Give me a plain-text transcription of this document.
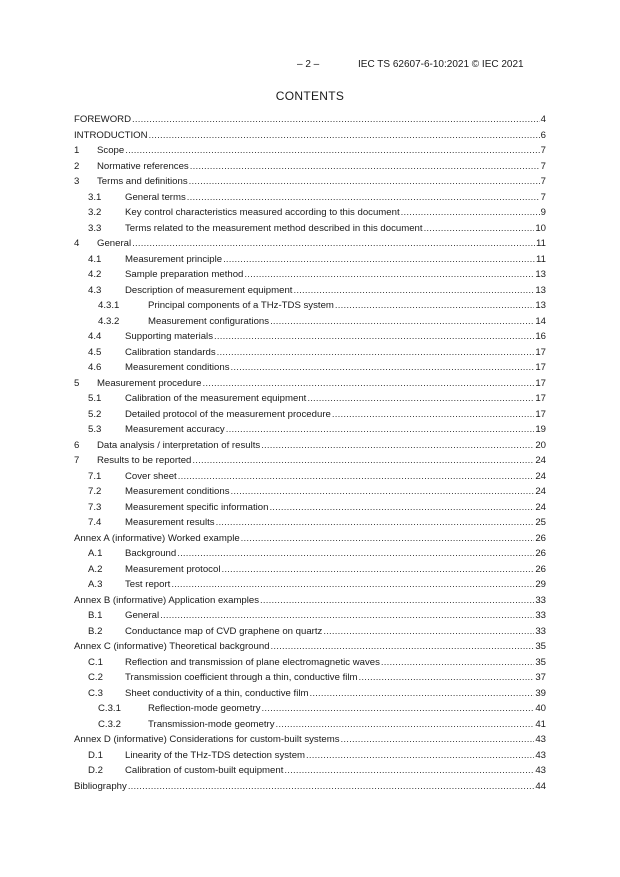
– 2 –	IEC TS 62607-6-10:2021 © IEC 2021
CONTENTS
FOREWORD .....	4
INTRODUCTION .....	6
1	Scope .....	7
2	Normative references .....	7
3	Terms and definitions .....	7
3.1	General terms .....	7
3.2	Key control characteristics measured according to this document .....	9
3.3	Terms related to the measurement method described in this document .....	10
4	General .....	11
4.1	Measurement principle .....	11
4.2	Sample preparation method .....	13
4.3	Description of measurement equipment .....	13
4.3.1	Principal components of a THz-TDS system .....	13
4.3.2	Measurement configurations .....	14
4.4	Supporting materials .....	16
4.5	Calibration standards .....	17
4.6	Measurement conditions .....	17
5	Measurement procedure .....	17
5.1	Calibration of the measurement equipment .....	17
5.2	Detailed protocol of the measurement procedure .....	17
5.3	Measurement accuracy .....	19
6	Data analysis / interpretation of results .....	20
7	Results to be reported .....	24
7.1	Cover sheet .....	24
7.2	Measurement conditions .....	24
7.3	Measurement specific information .....	24
7.4	Measurement results .....	25
Annex A (informative) Worked example .....	26
A.1	Background .....	26
A.2	Measurement protocol .....	26
A.3	Test report .....	29
Annex B (informative) Application examples .....	33
B.1	General .....	33
B.2	Conductance map of CVD graphene on quartz .....	33
Annex C (informative) Theoretical background .....	35
C.1	Reflection and transmission of plane electromagnetic waves .....	35
C.2	Transmission coefficient through a thin, conductive film .....	37
C.3	Sheet conductivity of a thin, conductive film .....	39
C.3.1	Reflection-mode geometry .....	40
C.3.2	Transmission-mode geometry .....	41
Annex D (informative) Considerations for custom-built systems .....	43
D.1	Linearity of the THz-TDS detection system .....	43
D.2	Calibration of custom-built equipment .....	43
Bibliography .....	44
